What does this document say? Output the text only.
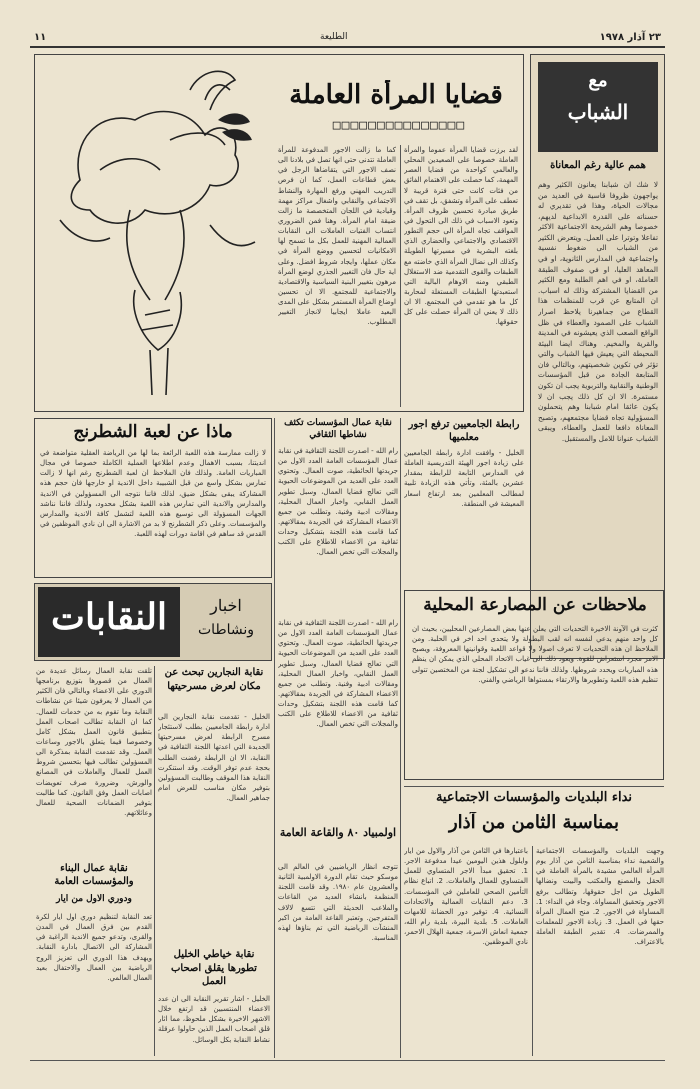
٢٣ آذار ١٩٧٨
الطليعة
١١
قضايا المرأة العاملة
□□□□□□□□□□□□□□□
لقد برزت قضايا المرأة عموما والمرأة العاملة خصوصا على الصعيدين المحلي والعالمي كواحدة من قضايا العصر المهمة، كما حصلت على الاهتمام الفائق من فئات كانت حتى فترة قريبة لا تعطف على المرأة وتشفق، بل تقف في طريق مبادرة تحسين ظروف المرأة. وتعود الاسباب في ذلك الى التحول في المواقف تجاه المرأة الى حجم التطور الاقتصادي والاجتماعي والحضاري الذي بلغته البشرية في مسيرتها الطويلة وكذلك الى نضال المرأة الذي خاضته مع الطبقات والقوى التقدمية ضد الاستغلال الطبقي ومنه الاوهام البالية التي استعبدتها الطبقات المستغلة لمحاربة كل ما هو تقدمي في المجتمع. الا ان ذلك لا يعني ان المرأة حصلت على كل حقوقها.
كما ما زالت الاجور المدفوعة للمرأة العاملة تتدنى حتى انها تصل في بلادنا الى نصف الاجور التي يتقاضاها الرجل في بعض قطاعات العمل، كما ان فرص التدريب المهني ورفع المهارة والنشاط الاجتماعي والنقابي واشغال مراكز مهمة وقيادية في اللجان المتخصصة ما زالت ضيقة امام المرأة. وهنا فمن الضروري انتساب الفتيات العاملات الى النقابات العمالية المهنية للعمل بكل ما تسمح لها الامكانيات لتحسين ووضع المرأة في مكان عملها، وايجاد شروط افضل. وعلى اية حال فان التغيير الجذري لوضع المرأة مرهون بتغيير البنية السياسية والاقتصادية والاجتماعية للمجتمع. الا ان تحسين اوضاع المرأة المستمر بشكل على المدى البعيد عاملا ايجابيا لانجاز التغيير المطلوب.
مع
الشباب
همم عالية رغم المعاناة
لا شك ان شبابنا يعانون الكثير وهم يواجهون ظروفا قاسية في العديد من مجالات الحياة، وهذا في تقديري له حسناته على القدرة الابداعية لديهم، خصوصا وهم الشريحة الاجتماعية الاكثر تفاعلا وتوترا على العمل. ويتعرض الكثير من الشباب الى ضغوط نفسية واجتماعية في المدارس الثانوية، او في المعاهد العليا، او في صفوف الطبقة العاملة، او في اهم الطلبة ومع الكثير من القضايا المشتركة وذلك له اسباب. ان المتابع عن قرب للمنظمات هذا القطاع من جماهيرنا يلاحظ اصرار الشباب على الصمود والعطاء في ظل الواقع الصعب الذي يعيشونه في المدينة والقرية والمخيم. وهناك ايضا البيئة المحيطة التي يعيش فيها الشباب والتي تؤثر في تكوين شخصيتهم، وبالتالي فان المتابعة الجادة من قبل المؤسسات الوطنية والنقابية والتربوية يجب ان تكون مستمرة. الا ان كل ذلك يجب ان لا يكون عائقا امام شبابنا وهم يتحملون المسؤولية تجاه قضايا مجتمعهم، وتصبح المعاناة دافعا للعمل والعطاء، ويبقى الشباب عنوانا للامل والمستقبل.
ماذا عن لعبة الشطرنج
لا زالت ممارسة هذه اللعبة الرائعة بما لها من الرياضة العقلية متواضعة في انديتنا، بسبب الاهمال وعدم اطلاعها العملية الكاملة خصوصا في مجال المباريات العامة. ولذلك فان الملاحظ ان لعبة الشطرنج رغم انها لا زالت تمارس بشكل واسع من قبل الشبيبة داخل الاندية او خارجها فان حجم هذه المشاركة يبقى بشكل ضيق، لذلك فاننا نتوجه الى المسؤولين في الاندية والمدارس والاندية التي تمارس هذه اللعبة بشكل محدود، ولذلك فاننا نناشد الجهات المسؤولة الى توسيع هذه اللعبة لتشمل كافة الاندية والمدارس والمؤسسات. وعلى ذكر الشطرنج لا بد من الاشارة الى ان نادي الموظفين في القدس قد ساهم في اقامة دورات لهذه اللعبة.
نقابة عمال المؤسسات تكثف نشاطها الثقافي
رام الله - اصدرت اللجنة الثقافية في نقابة عمال المؤسسات العامة العدد الاول من جريدتها الحائطية، صوت العمال. وتحتوي العدد على العديد من الموضوعات الحيوية التي تعالج قضايا العمال، وسبل تطوير العمل النقابي، واخبار العمال المحلية، ومقالات ادبية وفنية. وتطلب من جميع الاعضاء المشاركة في الجريدة بمقالاتهم. كما قامت هذه اللجنة بتشكيل وحدات ثقافية من الاعضاء للاطلاع على الكتب والمجلات التي تخص العمال.
رابطة الجامعيين ترفع اجور معلميها
الخليل - وافقت ادارة رابطة الجامعيين على زيادة اجور الهيئة التدريسية العاملة في المدارس التابعة للرابطة بمقدار عشرين بالمئة، وتأتي هذه الزيادة تلبية لمطالب المعلمين بعد ارتفاع اسعار المعيشة في المنطقة.
النقابات	اخبار
ونشاطات
ملاحظات عن المصارعة المحلية
كثرت في الآونة الاخيرة التحديات التي يعلن عنها بعض المصارعين المحليين، بحيث ان كل واحد منهم يدعي لنفسه انه لقب البطولة ولا يتحدى احد اخر في الحلبة. ومن الملاحظ ان هذه التحديات لا تعرف اصولا ولا قواعد اللعبة وقوانينها المعروفة، ويصبح الامر مجرد استعراض للقوة. ويعود ذلك الى غياب الاتحاد المحلي الذي يمكن ان ينظم هذه المباريات ويحدد شروطها. ولذلك فاننا ندعو الى تشكيل لجنة من المختصين تتولى تنظيم هذه اللعبة وتطويرها والارتقاء بمستواها الرياضي والفني.
تلقت نقابة العمال رسائل عديدة من العمال من قصورها بتوزيع برنامجها الدوري على الاعضاء وبالتالي فان الكثير من العمال لا يعرفون شيئا عن نشاطات النقابة وما تقوم به من خدمات للعمال. كما ان النقابة تطالب اصحاب العمل بتطبيق قانون العمل بشكل كامل وخصوصا فيما يتعلق بالاجور وساعات العمل. وقد تقدمت النقابة بمذكرة الى المسؤولين تطالب فيها بتحسين شروط العمل للعمال والعاملات في المصانع والورش، وضرورة صرف تعويضات اصابات العمل وفق القانون. كما طالبت بتوفير الضمانات الصحية للعمال وعائلاتهم.
نقابة النجارين تبحث عن مكان لعرض مسرحيتها
الخليل - تقدمت نقابة النجارين الى ادارة رابطة الجامعيين بطلب لاستئجار مسرح الرابطة لعرض مسرحيتها الجديدة التي اعدتها اللجنة الثقافية في النقابة، الا ان الرابطة رفضت الطلب بحجة عدم توفر الوقت. وقد استنكرت النقابة هذا الموقف وطالبت المسؤولين بتوفير مكان مناسب للعرض امام جماهير العمال.
رام الله - اصدرت اللجنة الثقافية في نقابة عمال المؤسسات العامة العدد الاول من جريدتها الحائطية، صوت العمال. وتحتوي العدد على العديد من الموضوعات الحيوية التي تعالج قضايا العمال، وسبل تطوير العمل النقابي، واخبار العمال المحلية، ومقالات ادبية وفنية. وتطلب من جميع الاعضاء المشاركة في الجريدة بمقالاتهم. كما قامت هذه اللجنة بتشكيل وحدات ثقافية من الاعضاء للاطلاع على الكتب والمجلات التي تخص العمال.
نداء البلديات والمؤسسات الاجتماعية
بمناسبة الثامن من آذار
وجهت البلديات والمؤسسات الاجتماعية والشعبية نداء بمناسبة الثامن من آذار يوم المرأة العالمي مشيدة بالمرأة العاملة في الحقل والمصنع والمكتب والبيت ونضالها الطويل من اجل حقوقها، وتطالب برفع الاجور وتحقيق المساواة. وجاء في النداء: 1. المساواة في الاجور. 2. منح العمال المرأة حقها في العمل. 3. زيادة الاجور للمعلمات والممرضات. 4. تقدير الطبقة العاملة بالاعتراف.
باعتبارها في الثامن من آذار والاول من ايار وايلول هذين اليومين عيدا مدفوعة الاجر. 1. تحقيق مبدأ الاجر المتساوي للعمل المتساوي للعمال والعاملات. 2. اتباع نظام التأمين الصحي للعاملين في المؤسسات. 3. دعم النقابات العمالية والاتحادات النسائية. 4. توفير دور الحضانة للامهات العاملات. 5. بلدية البيرة، بلدية رام الله، جمعية انعاش الاسرة، جمعية الهلال الاحمر، نادي الموظفين.
نقابة عمال البناء والمؤسسات العامة
ودوري الاول من ايار
تعد النقابة لتنظيم دوري اول ايار لكرة القدم بين فرق العمال في المدن والقرى، وتدعو جميع الاندية الراغبة في المشاركة الى الاتصال بادارة النقابة. ويهدف هذا الدوري الى تعزيز الروح الرياضية بين العمال والاحتفال بعيد العمال العالمي.
اولمبياد ٨٠ والقاعة العامة
تتوجه انظار الرياضيين في العالم الى موسكو حيث تقام الدورة الاولمبية الثانية والعشرون عام ١٩٨٠. وقد قامت اللجنة المنظمة بانشاء العديد من القاعات والملاعب الحديثة التي تتسع لالاف المتفرجين. وتعتبر القاعة العامة من اكبر المنشآت الرياضية التي تم بناؤها لهذه المناسبة.
نقابة خياطي الخليل تطورها يقلق اصحاب العمل
الخليل - اشار تقرير النقابة الى ان عدد الاعضاء المنتسبين قد ارتفع خلال الاشهر الاخيرة بشكل ملحوظ، مما اثار قلق اصحاب العمل الذين حاولوا عرقلة نشاط النقابة بكل الوسائل.
